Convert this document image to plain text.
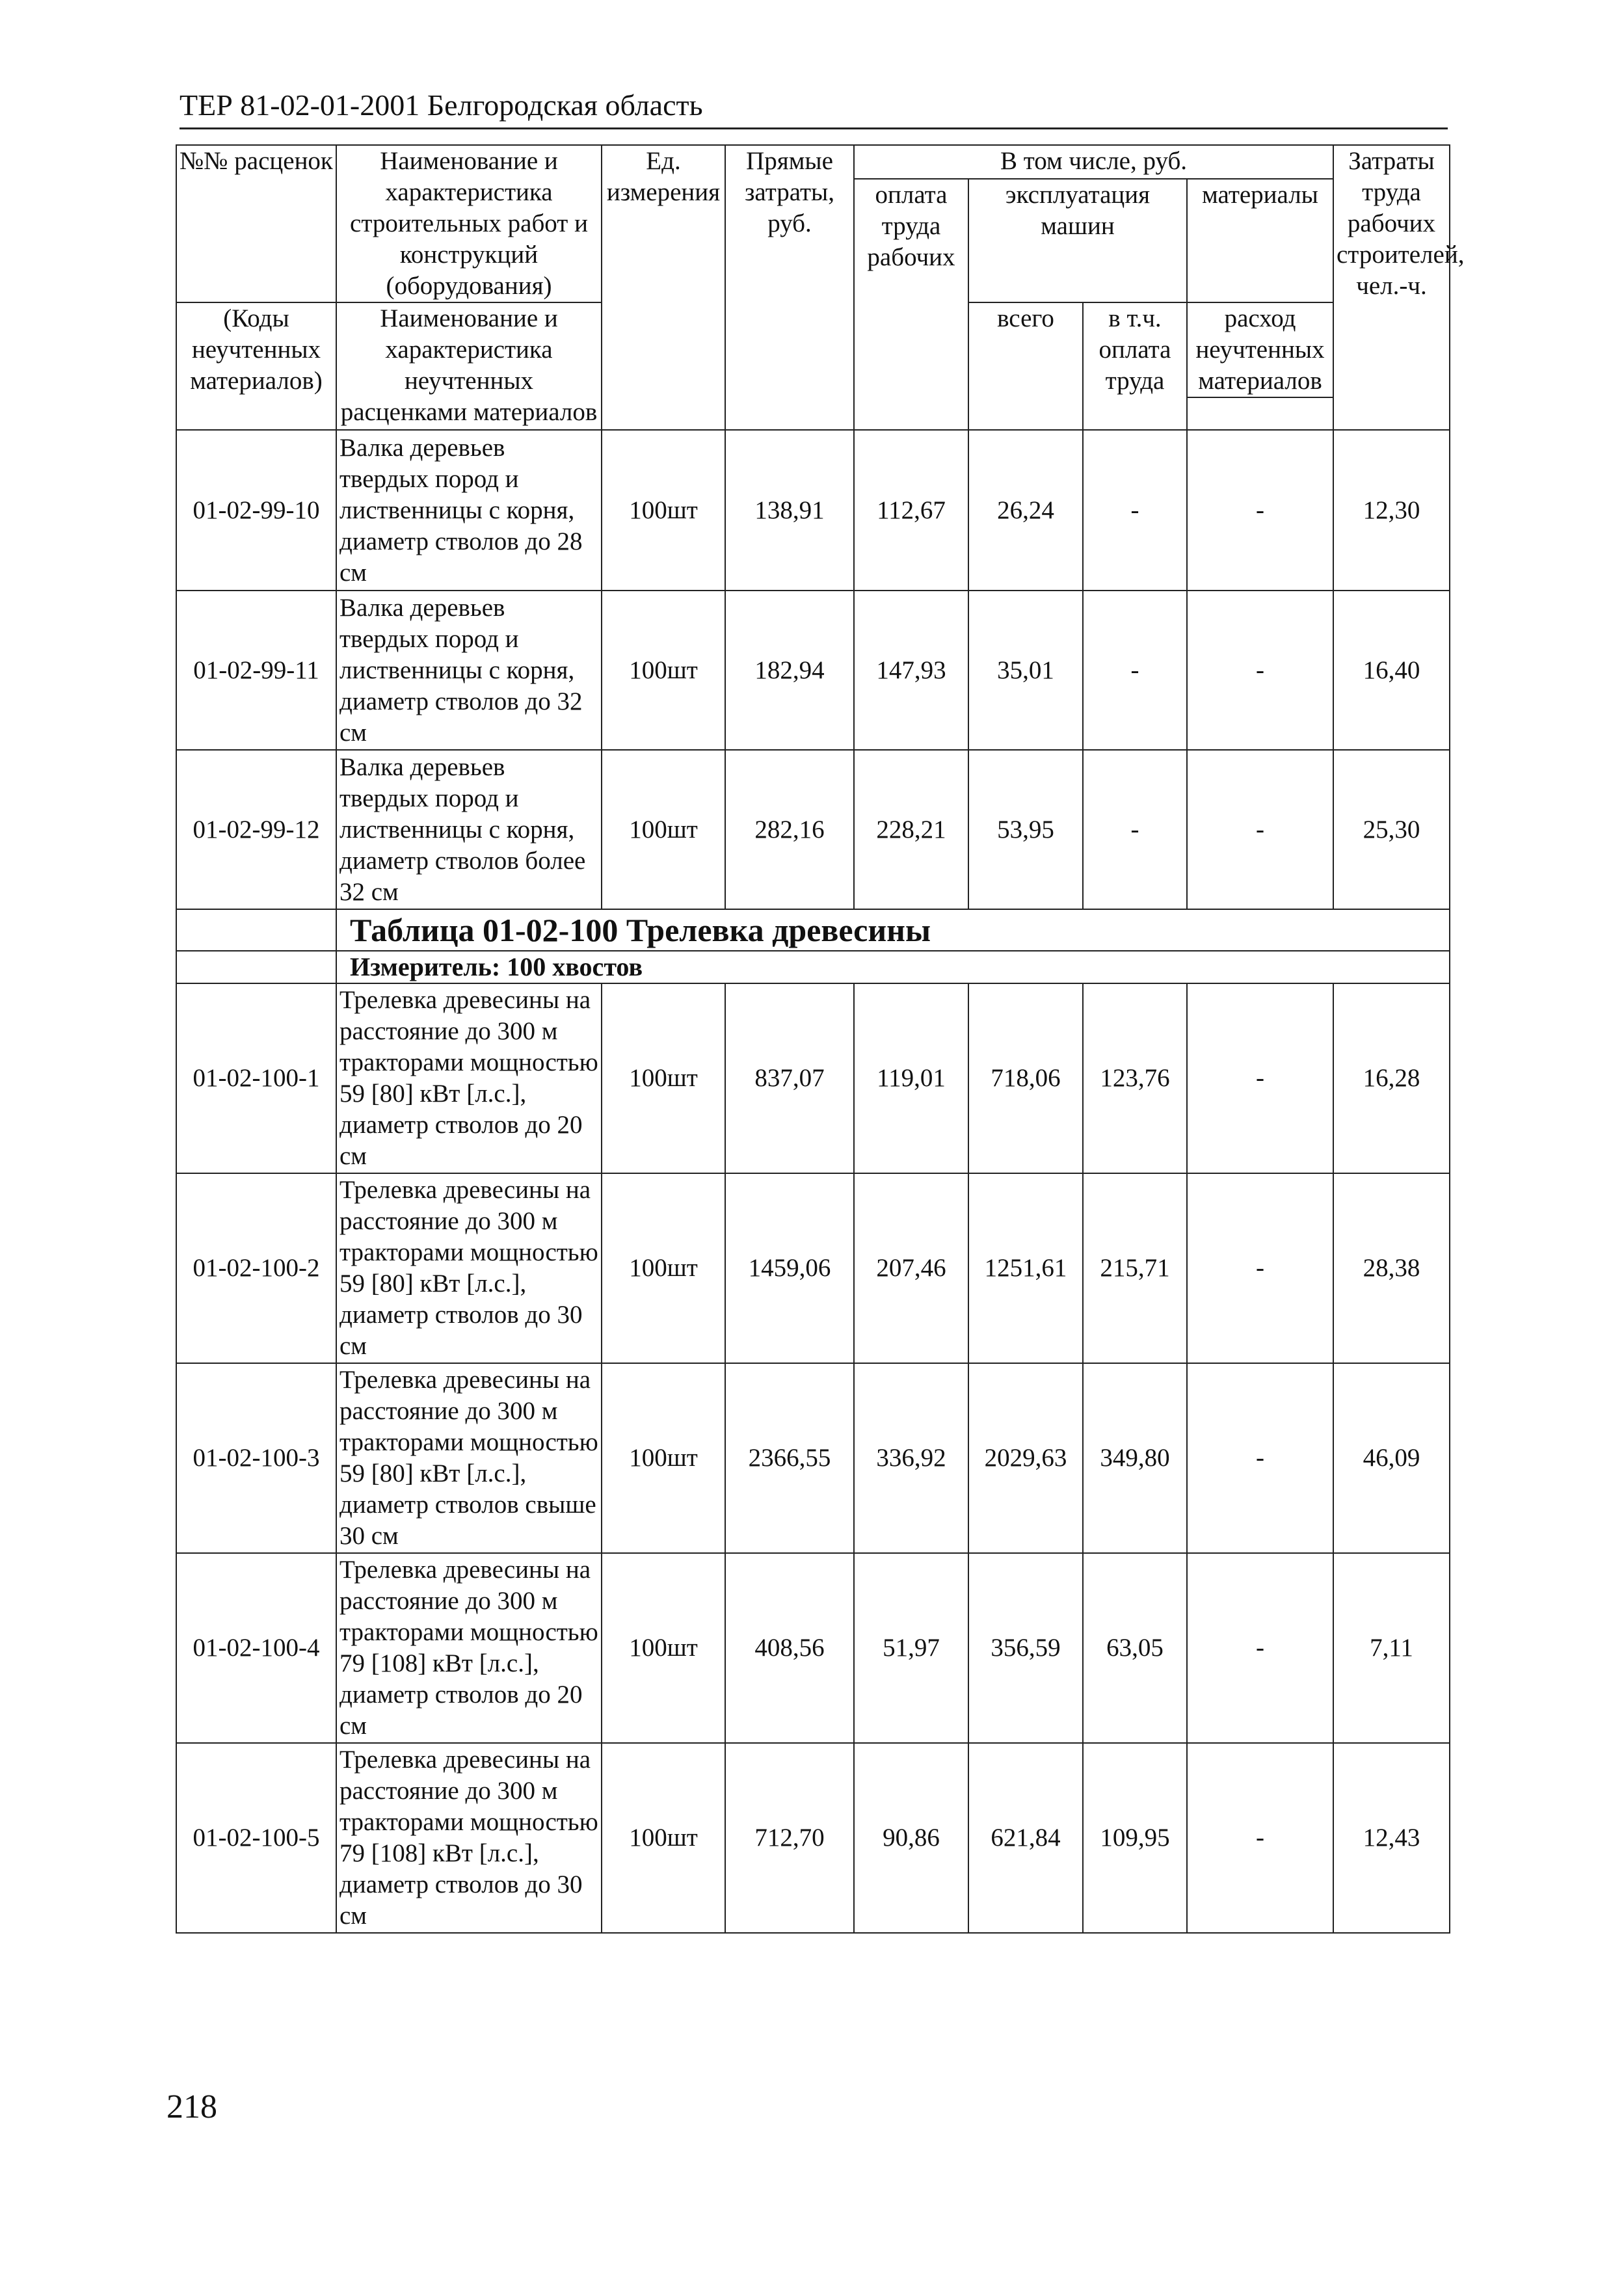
ТЕР 81-02-01-2001 Белгородская область
№№ расценок	Наименование и характеристика строительных работ и конструкций (оборудования)	Ед. измерения	Прямые затраты, руб.	В том числе, руб.				Затраты труда рабочих строителей, чел.-ч.
				оплата труда рабочих	эксплуатация машин		материалы	

(Коды неучтенных материалов)	Наименование и характеристика неучтенных расценками материалов				всего	в т.ч. оплата труда	расход неучтенных материалов	

01-02-99-10	Валка деревьев твердых пород и лиственницы с корня, диаметр стволов до 28 см	100шт	138,91	112,67	26,24	-	-	12,30
01-02-99-11	Валка деревьев твердых пород и лиственницы с корня, диаметр стволов до 32 см	100шт	182,94	147,93	35,01	-	-	16,40
01-02-99-12	Валка деревьев твердых пород и лиственницы с корня, диаметр стволов более 32 см	100шт	282,16	228,21	53,95	-	-	25,30
	Таблица 01-02-100 Трелевка древесины							
	Измеритель: 100 хвостов							
01-02-100-1	Трелевка древесины на расстояние до 300 м тракторами мощностью 59 [80] кВт [л.с.], диаметр стволов до 20 см	100шт	837,07	119,01	718,06	123,76	-	16,28
01-02-100-2	Трелевка древесины на расстояние до 300 м тракторами мощностью 59 [80] кВт [л.с.], диаметр стволов до 30 см	100шт	1459,06	207,46	1251,61	215,71	-	28,38
01-02-100-3	Трелевка древесины на расстояние до 300 м тракторами мощностью 59 [80] кВт [л.с.], диаметр стволов свыше 30 см	100шт	2366,55	336,92	2029,63	349,80	-	46,09
01-02-100-4	Трелевка древесины на расстояние до 300 м тракторами мощностью 79 [108] кВт [л.с.], диаметр стволов до 20 см	100шт	408,56	51,97	356,59	63,05	-	7,11
01-02-100-5	Трелевка древесины на расстояние до 300 м тракторами мощностью 79 [108] кВт [л.с.], диаметр стволов до 30 см	100шт	712,70	90,86	621,84	109,95	-	12,43
218
